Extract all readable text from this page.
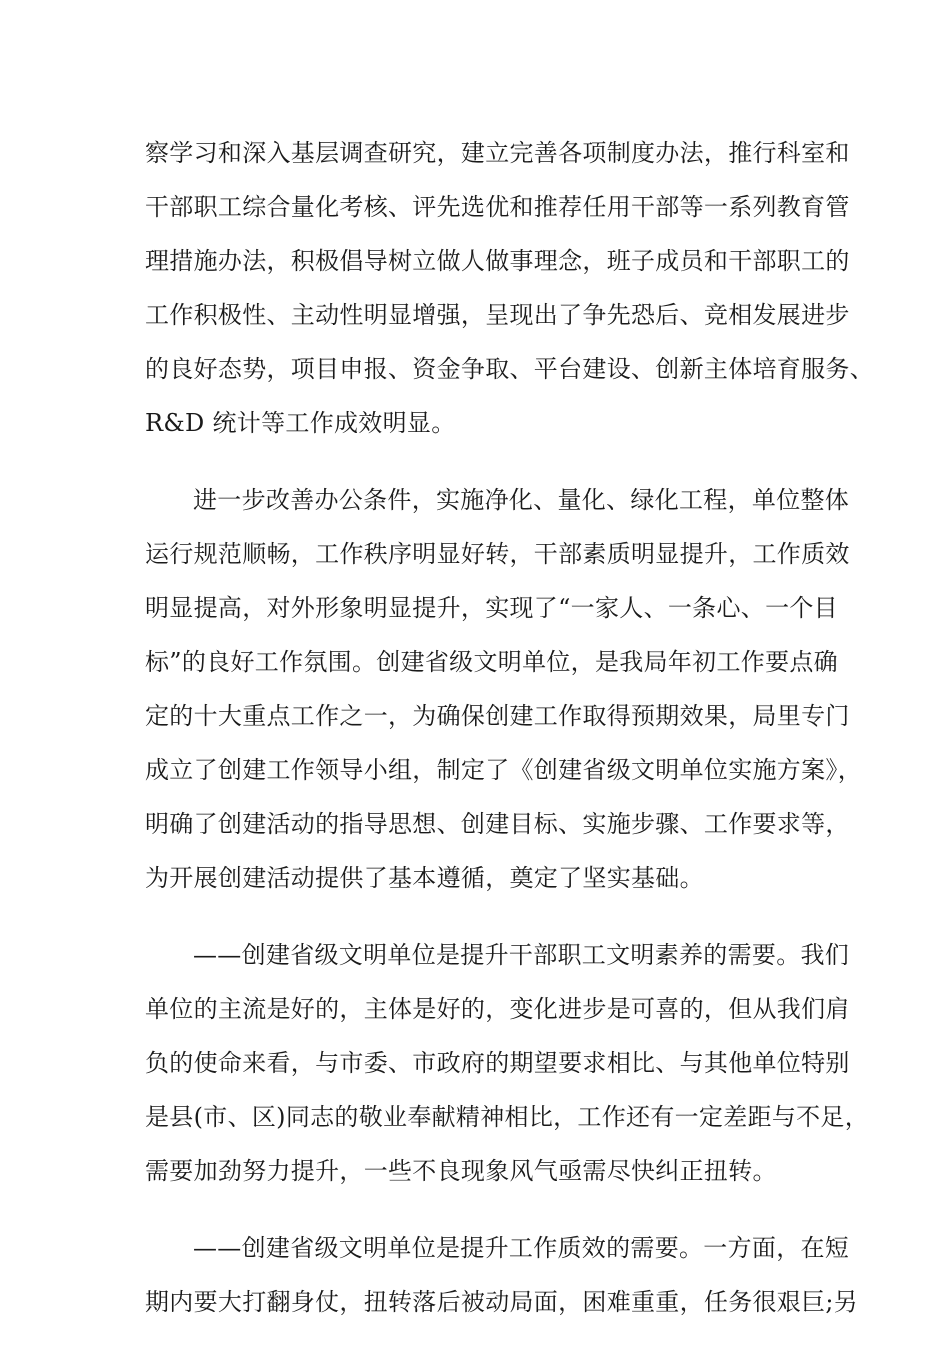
察学习和深入基层调查研究，建立完善各项制度办法，推行科室和
干部职工综合量化考核、评先选优和推荐任用干部等一系列教育管
理措施办法，积极倡导树立做人做事理念，班子成员和干部职工的
工作积极性、主动性明显增强，呈现出了争先恐后、竞相发展进步
的良好态势，项目申报、资金争取、平台建设、创新主体培育服务、
R&D 统计等工作成效明显。
进一步改善办公条件，实施净化、量化、绿化工程，单位整体
运行规范顺畅，工作秩序明显好转，干部素质明显提升，工作质效
明显提高，对外形象明显提升，实现了“一家人、一条心、一个目
标”的良好工作氛围。创建省级文明单位，是我局年初工作要点确
定的十大重点工作之一，为确保创建工作取得预期效果，局里专门
成立了创建工作领导小组，制定了《创建省级文明单位实施方案》，
明确了创建活动的指导思想、创建目标、实施步骤、工作要求等，
为开展创建活动提供了基本遵循，奠定了坚实基础。
——创建省级文明单位是提升干部职工文明素养的需要。我们
单位的主流是好的，主体是好的，变化进步是可喜的，但从我们肩
负的使命来看，与市委、市政府的期望要求相比、与其他单位特别
是县(市、区)同志的敬业奉献精神相比，工作还有一定差距与不足，
需要加劲努力提升，一些不良现象风气亟需尽快纠正扭转。
——创建省级文明单位是提升工作质效的需要。一方面，在短
期内要大打翻身仗，扭转落后被动局面，困难重重，任务很艰巨;另
